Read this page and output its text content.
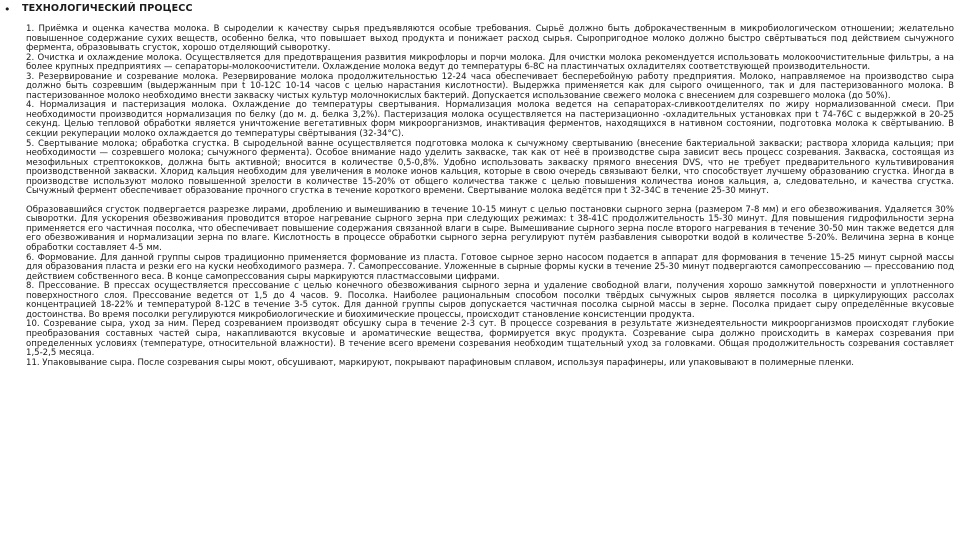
• ТЕХНОЛОГИЧЕСКИЙ ПРОЦЕСС

1. Приёмка и оценка качества молока. В сыроделии к качеству сырья предъявляются особые требования. Сырьё должно быть доброкачественным в микробиологическом отношении; желательно повышенное содержание сухих веществ, особенно белка, что повышает выход продукта и понижает расход сырья. Сыропригодное молоко должно быстро свёртываться под действием сычужного фермента, образовывать сгусток, хорошо отделяющий сыворотку.

2. Очистка и охлаждение молока. Осуществляется для предотвращения развития микрофлоры и порчи молока. Для очистки молока рекомендуется использовать молокоочистительные фильтры, а на более крупных предприятиях — сепараторы-молокоочистители. Охлаждение молока ведут до температуры 6-8С на пластинчатых охладителях соответствующей производительности.

3. Резервирование и созревание молока. Резервирование молока продолжительностью 12-24 часа обеспечивает бесперебойную работу предприятия. Молоко, направляемое на производство сыра должно быть созревшим (выдержанным при t 10-12С 10-14 часов с целью нарастания кислотности). Выдержка применяется как для сырого очищенного, так и для пастеризованного молока. В пастеризованное молоко необходимо внести закваску чистых культур молочнокислых бактерий. Допускается использование свежего молока с внесением для созревшего молока (до 50%).

4. Нормализация и пастеризация молока. Охлаждение до температуры свертывания. Нормализация молока ведется на сепараторах-сливкоотделителях по жиру нормализованной смеси. При необходимости производится нормализация по белку (до м. д. белка 3,2%). Пастеризация молока осуществляется на пастеризационно -охладительных установках при t 74-76С с выдержкой в 20-25 секунд. Целью тепловой обработки является уничтожение вегетативных форм микроорганизмов, инактивация ферментов, находящихся в нативном состоянии, подготовка молока к свёртыванию. В секции рекуперации молоко охлаждается до температуры свёртывания (32-34°С).

5. Свертывание молока; обработка сгустка. В сыродельной ванне осуществляется подготовка молока к сычужному свертыванию (внесение бактериальной закваски; раствора хлорида кальция; при необходимости — созревшего молока; сычужного фермента). Особое внимание надо уделить закваске, так как от неё в производстве сыра зависит весь процесс созревания. Закваска, состоящая из мезофильных стрептококков, должна быть активной; вносится в количестве 0,5-0,8%. Удобно использовать закваску прямого внесения DVS, что не требует предварительного культивирования производственной закваски. Хлорид кальция необходим для увеличения в молоке ионов кальция, которые в свою очередь связывают белки, что способствует лучшему образованию сгустка. Иногда в производстве используют молоко повышенной зрелости в количестве 15-20% от общего количества также с целью повышения количества ионов кальция, а, следовательно, и качества сгустка. Сычужный фермент обеспечивает образование прочного сгустка в течение короткого времени. Свертывание молока ведётся при t 32-34С в течение 25-30 минут.

Образовавшийся сгусток подвергается разрезке лирами, дроблению и вымешиванию в течение 10-15 минут с целью постановки сырного зерна (размером 7-8 мм) и его обезвоживания. Удаляется 30% сыворотки. Для ускорения обезвоживания проводится второе нагревание сырного зерна при следующих режимах: t 38-41С продолжительность 15-30 минут. Для повышения гидрофильности зерна применяется его частичная посолка, что обеспечивает повышение содержания связанной влаги в сыре. Вымешивание сырного зерна после второго нагревания в течение 30-50 мин также ведется для его обезвоживания и нормализации зерна по влаге. Кислотность в процессе обработки сырного зерна регулируют путём разбавления сыворотки водой в количестве 5-20%. Величина зерна в конце обработки составляет 4-5 мм.

6. Формование. Для данной группы сыров традиционно применяется формование из пласта. Готовое сырное зерно насосом подается в аппарат для формования в течение 15-25 минут сырной массы для образования пласта и резки его на куски необходимого размера. 7. Самопрессование. Уложенные в сырные формы куски в течение 25-30 минут подвергаются самопрессованию — прессованию под действием собственного веса. В конце самопрессования сыры маркируются пластмассовыми цифрами.

8. Прессование. В прессах осуществляется прессование с целью конечного обезвоживания сырного зерна и удаление свободной влаги, получения хорошо замкнутой поверхности и уплотненного поверхностного слоя. Прессование ведется от 1,5 до 4 часов. 9. Посолка. Наиболее рациональным способом посолки твёрдых сычужных сыров является посолка в циркулирующих рассолах концентрацией 18-22% и температурой 8-12С в течение 3-5 суток. Для данной группы сыров допускается частичная посолка сырной массы в зерне. Посолка придает сыру определённые вкусовые достоинства. Во время посолки регулируются микробиологические и биохимические процессы, происходит становление консистенции продукта.

10. Созревание сыра, уход за ним. Перед созреванием производят обсушку сыра в течение 2-3 сут. В процессе созревания в результате жизнедеятельности микроорганизмов происходят глубокие преобразования составных частей сыра, накапливаются вкусовые и ароматические вещества, формируется вкус продукта. Созревание сыра должно происходить в камерах созревания при определенных условиях (температуре, относительной влажности). В течение всего времени созревания необходим тщательный уход за головками. Общая продолжительность созревания составляет 1,5-2,5 месяца.

11. Упаковывание сыра. После созревания сыры моют, обсушивают, маркируют, покрывают парафиновым сплавом, используя парафинеры, или упаковывают в полимерные пленки.
